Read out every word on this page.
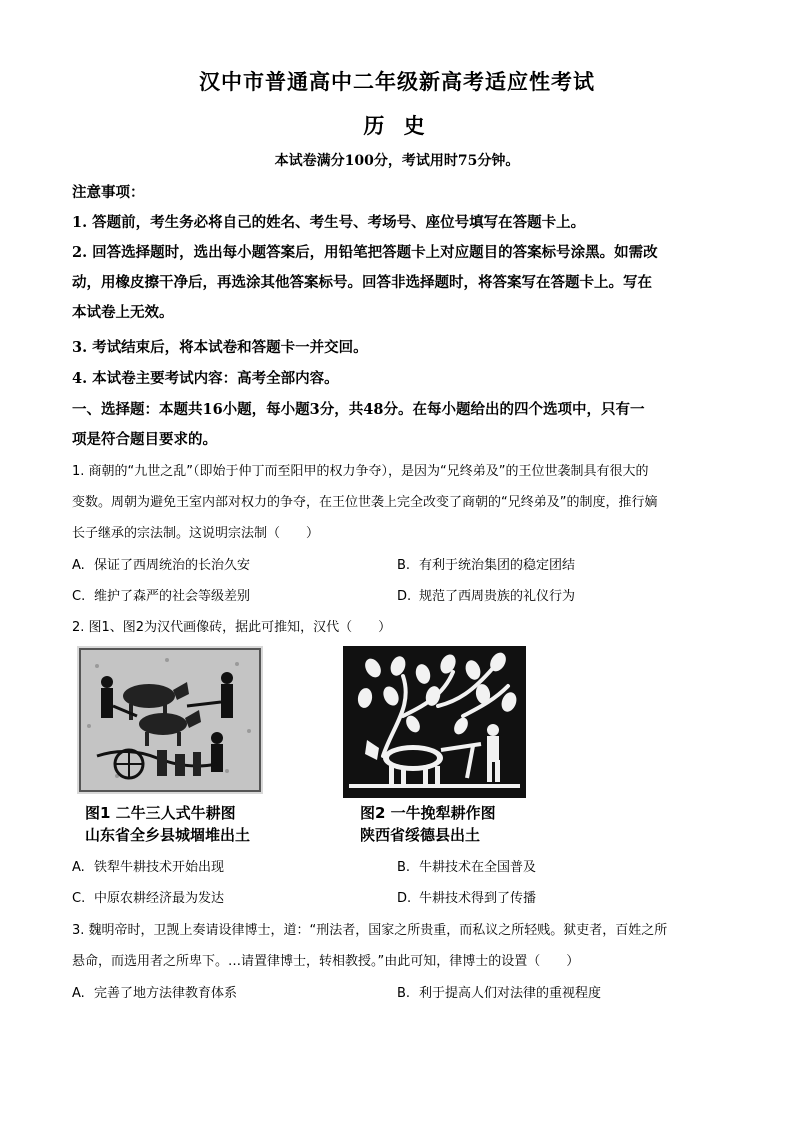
汉中市普通高中二年级新高考适应性考试
历 史
本试卷满分100分，考试用时75分钟。
注意事项：
1. 答题前，考生务必将自己的姓名、考生号、考场号、座位号填写在答题卡上。
2. 回答选择题时，选出每小题答案后，用铅笔把答题卡上对应题目的答案标号涂黑。如需改
动，用橡皮擦干净后，再选涂其他答案标号。回答非选择题时，将答案写在答题卡上。写在
本试卷上无效。
3. 考试结束后，将本试卷和答题卡一并交回。
4. 本试卷主要考试内容：高考全部内容。
一、选择题：本题共16小题，每小题3分，共48分。在每小题给出的四个选项中，只有一
项是符合题目要求的。
1. 商朝的“九世之乱”（即始于仲丁而至阳甲的权力争夺），是因为“兄终弟及”的王位世袭制具有很大的
变数。周朝为避免王室内部对权力的争夺，在王位世袭上完全改变了商朝的“兄终弟及”的制度，推行嫡
长子继承的宗法制。这说明宗法制（　　）
A. 保证了西周统治的长治久安	B. 有利于统治集团的稳定团结
C. 维护了森严的社会等级差别	D. 规范了西周贵族的礼仪行为
2. 图1、图2为汉代画像砖，据此可推知，汉代（　　）
图1 二牛三人式牛耕图
山东省全乡县城堌堆出土
图2 一牛挽犁耕作图
陕西省绥德县出土
A. 铁犁牛耕技术开始出现	B. 牛耕技术在全国普及
C. 中原农耕经济最为发达	D. 牛耕技术得到了传播
3. 魏明帝时，卫觊上奏请设律博士，道：“刑法者，国家之所贵重，而私议之所轻贱。狱吏者，百姓之所
悬命，而选用者之所卑下。…请置律博士，转相教授。”由此可知，律博士的设置（　　）
A. 完善了地方法律教育体系	B. 利于提高人们对法律的重视程度
